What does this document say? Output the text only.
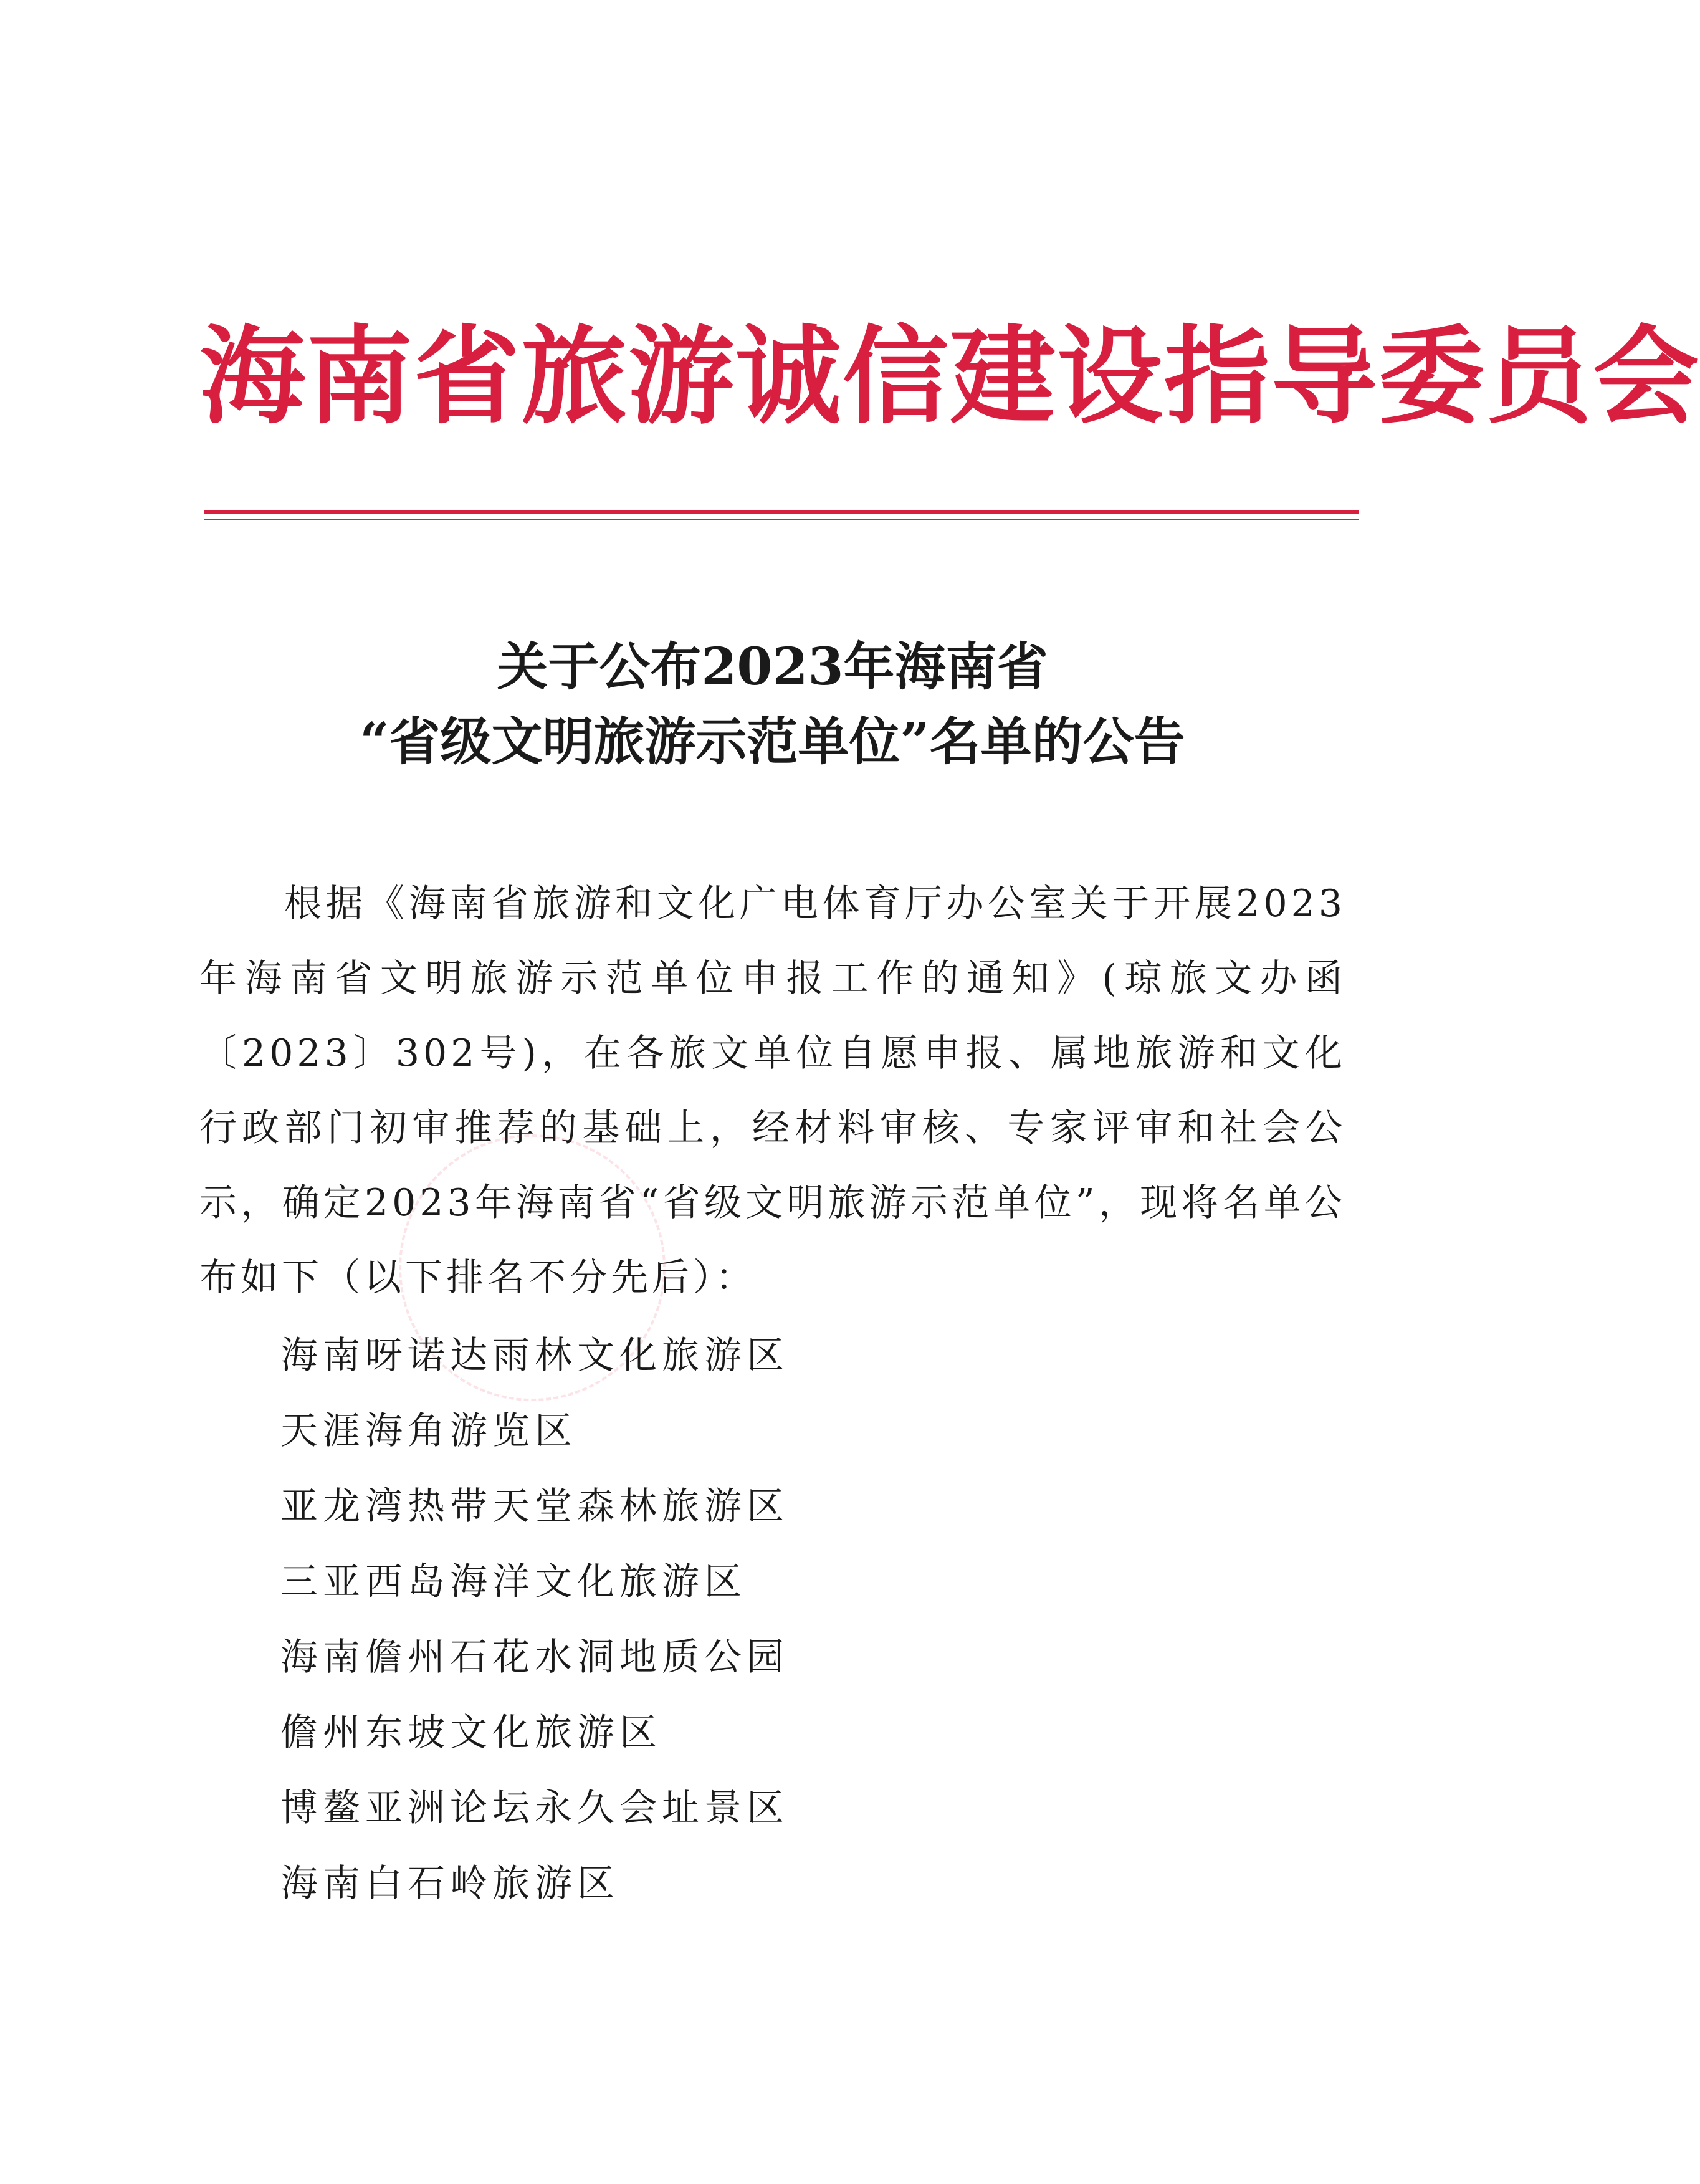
海南省旅游诚信建设指导委员会
关于公布2023年海南省
“省级文明旅游示范单位”名单的公告

根据《海南省旅游和文化广电体育厅办公室关于开展2023年海南省文明旅游示范单位申报工作的通知》(琼旅文办函〔2023〕302号)，在各旅文单位自愿申报、属地旅游和文化行政部门初审推荐的基础上，经材料审核、专家评审和社会公示，确定2023年海南省“省级文明旅游示范单位”，现将名单公布如下（以下排名不分先后）：

海南呀诺达雨林文化旅游区
天涯海角游览区
亚龙湾热带天堂森林旅游区
三亚西岛海洋文化旅游区
海南儋州石花水洞地质公园
儋州东坡文化旅游区
博鳌亚洲论坛永久会址景区
海南白石岭旅游区
